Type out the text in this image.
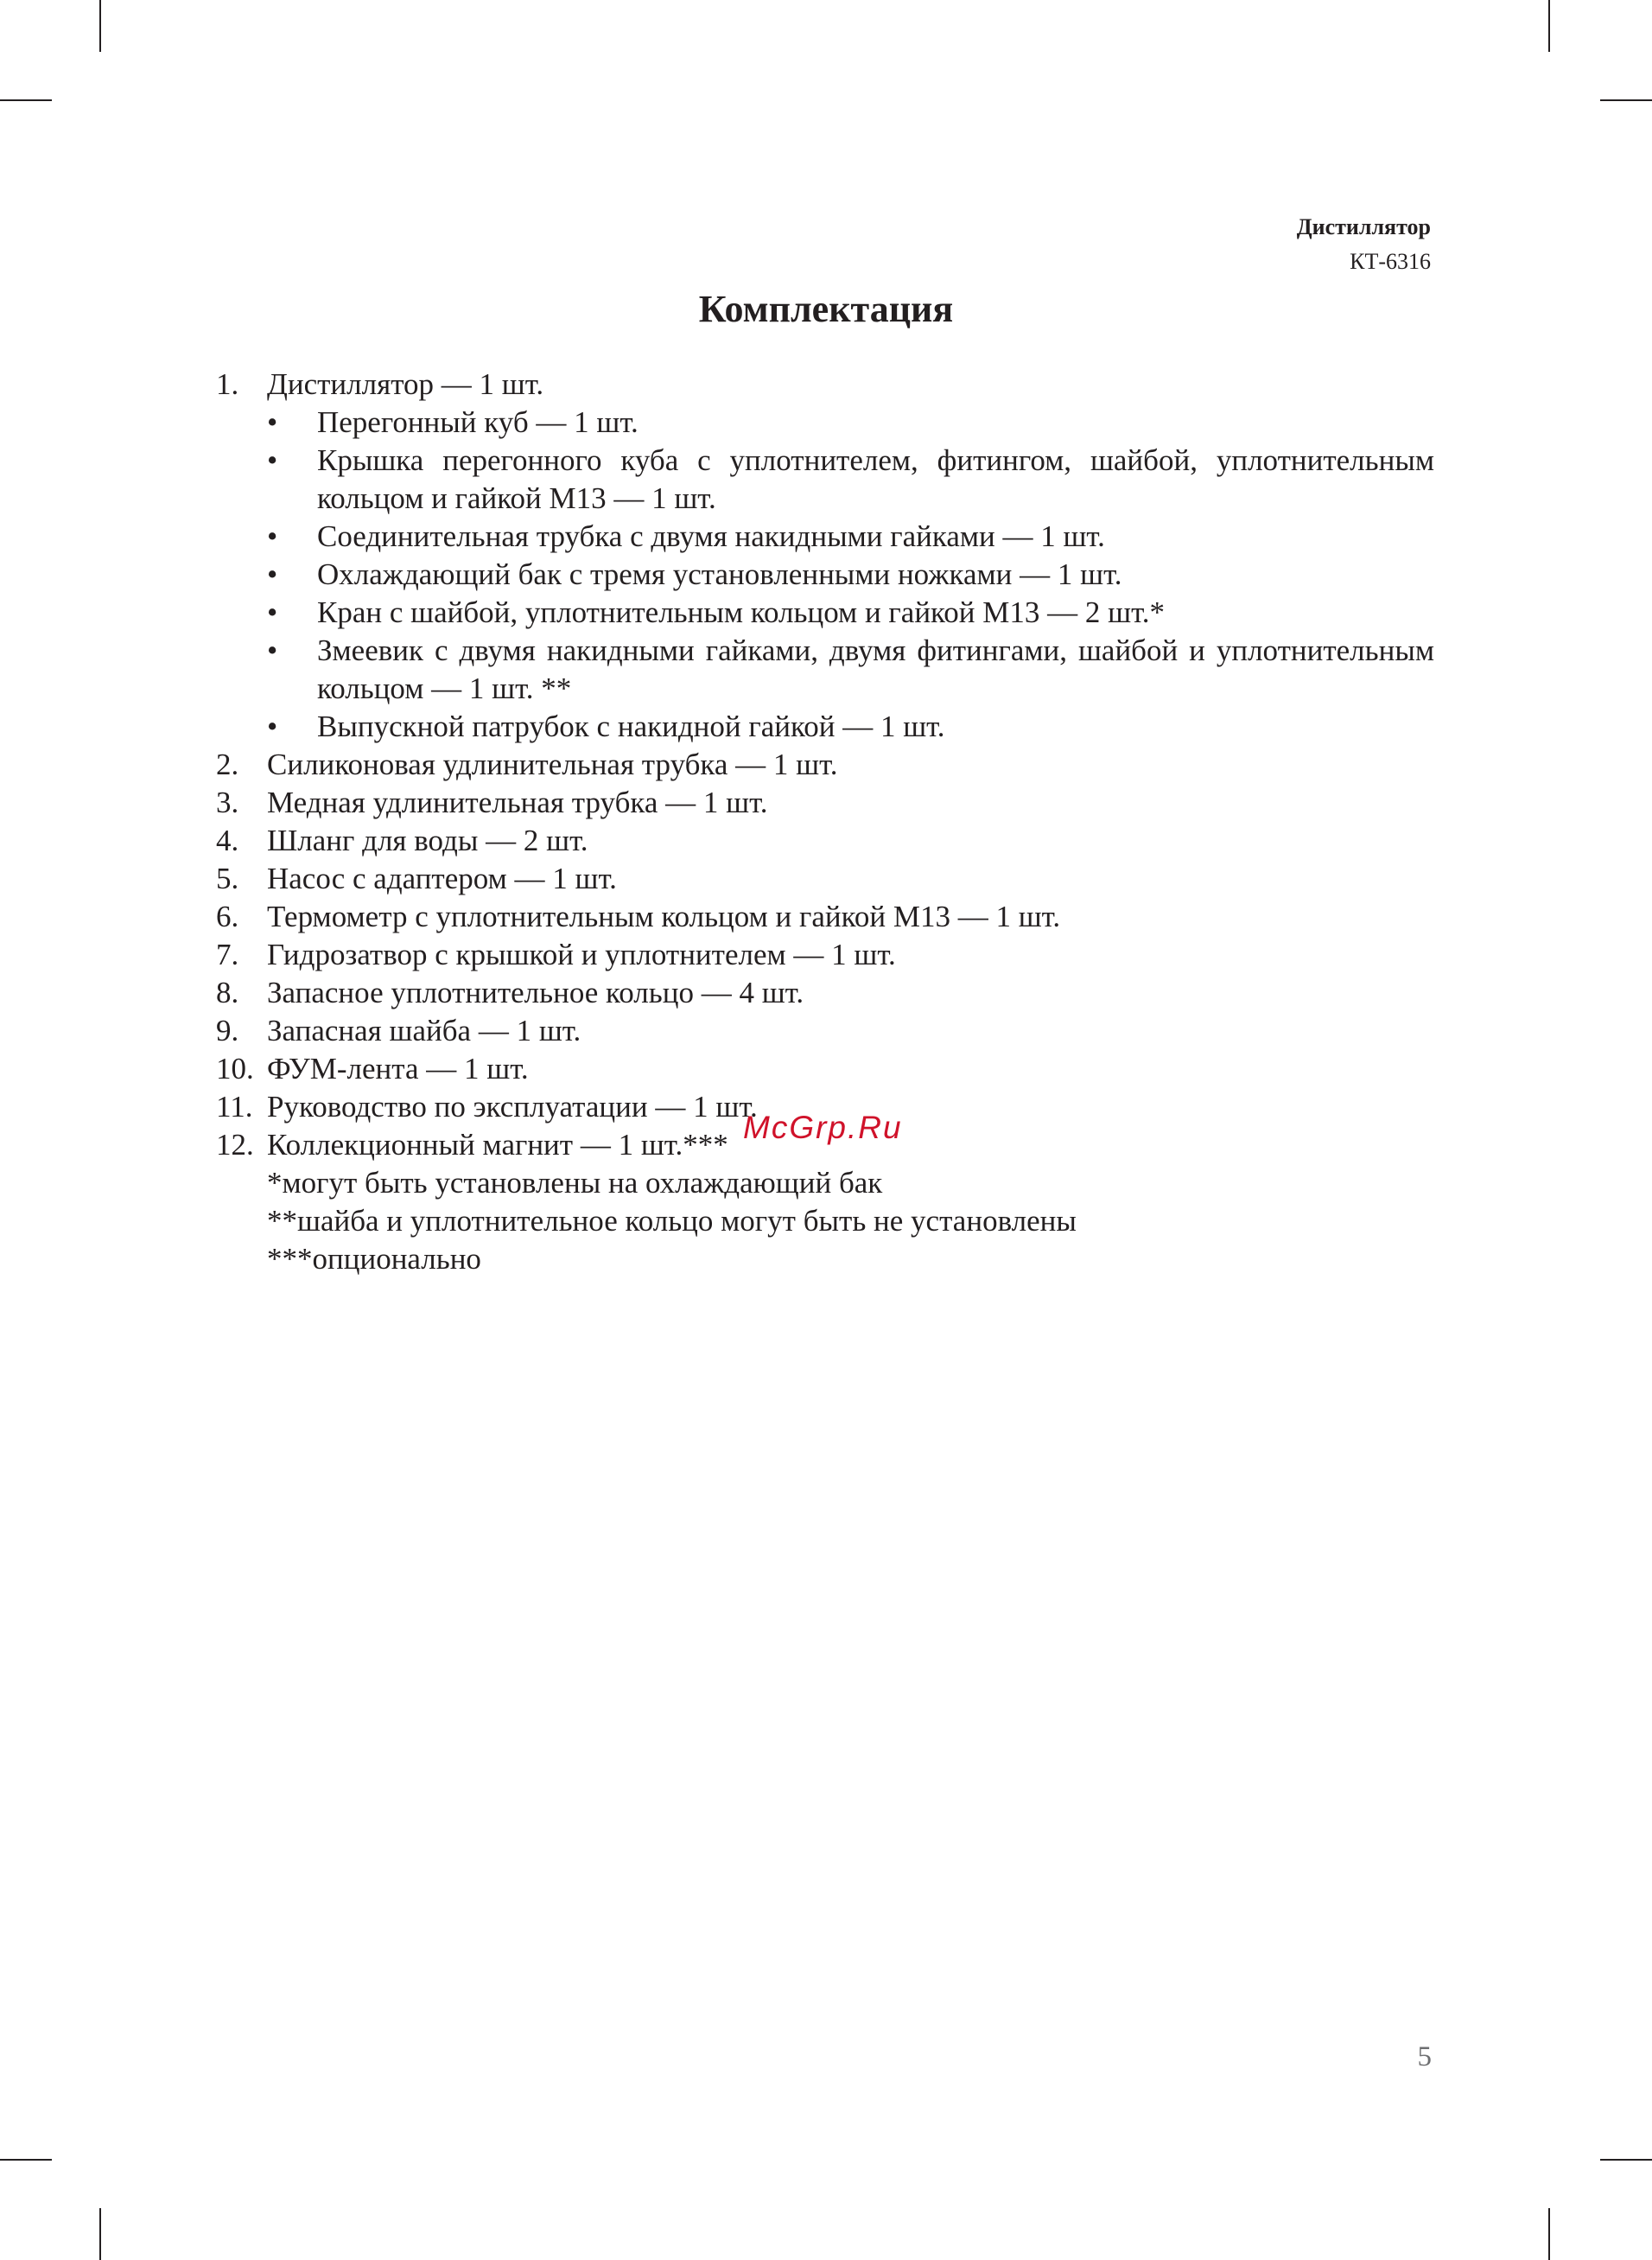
Дистиллятор
КТ-6316
Комплектация
1. Дистиллятор — 1 шт.
•	Перегонный куб — 1 шт.
•	Крышка перегонного куба с уплотнителем, фитингом, шайбой, уплотнительным кольцом и гайкой М13 — 1 шт.
•	Соединительная трубка с двумя накидными гайками — 1 шт.
•	Охлаждающий бак с тремя установленными ножками — 1 шт.
•	Кран с шайбой, уплотнительным кольцом и гайкой М13 — 2 шт.*
•	Змеевик с двумя накидными гайками, двумя фитингами, шайбой и уплотнительным кольцом — 1 шт. **
•	Выпускной патрубок с накидной гайкой — 1 шт.
2. Силиконовая удлинительная трубка — 1 шт.
3. Медная удлинительная трубка — 1 шт.
4. Шланг для воды — 2 шт.
5. Насос с адаптером — 1 шт.
6. Термометр с уплотнительным кольцом и гайкой М13 — 1 шт.
7. Гидрозатвор с крышкой и уплотнителем — 1 шт.
8. Запасное уплотнительное кольцо — 4 шт.
9. Запасная шайба — 1 шт.
10. ФУМ-лента — 1 шт.
11. Руководство по эксплуатации — 1 шт.
12. Коллекционный магнит — 1 шт.***
*могут быть установлены на охлаждающий бак
**шайба и уплотнительное кольцо могут быть не установлены
***опционально
McGrp.Ru
5
